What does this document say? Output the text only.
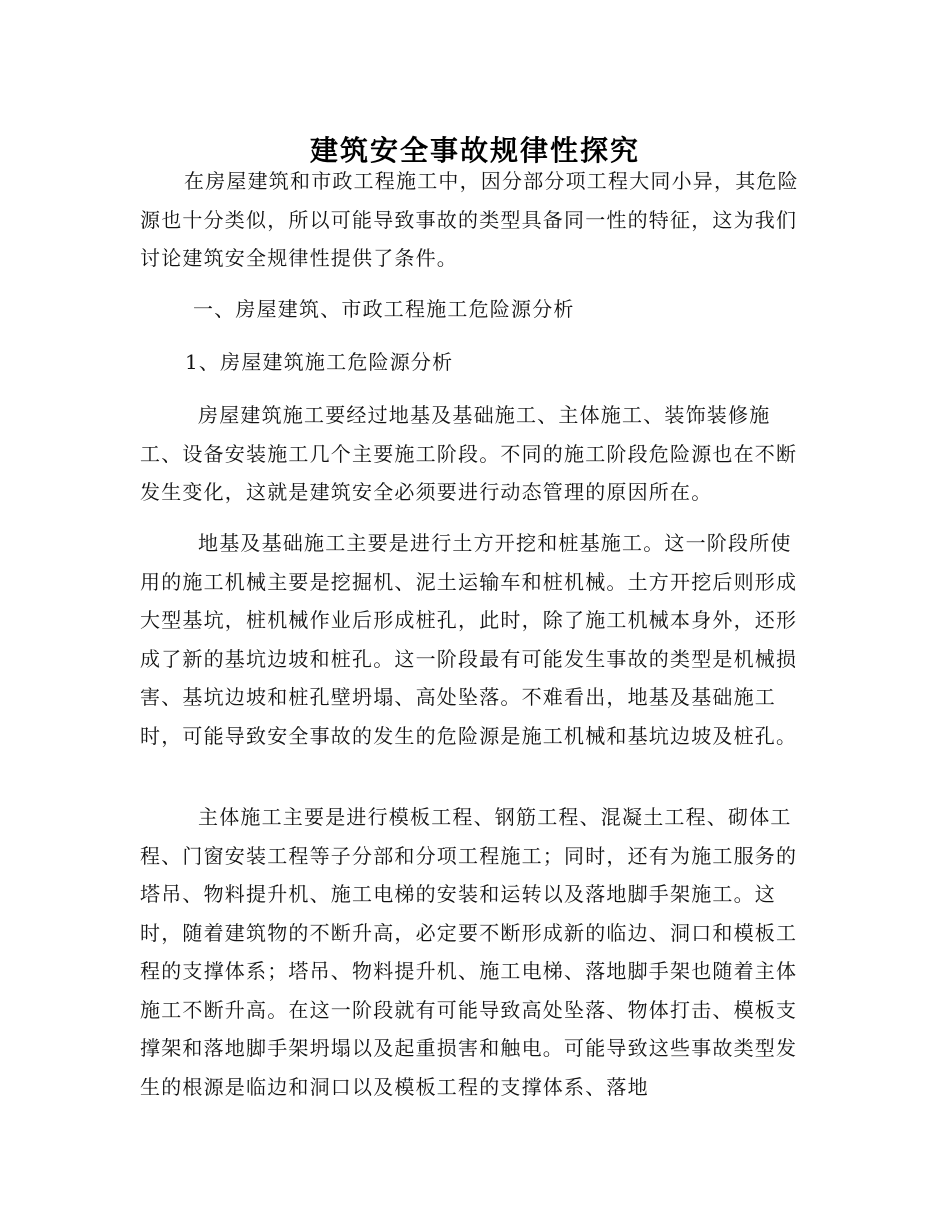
建筑安全事故规律性探究

在房屋建筑和市政工程施工中，因分部分项工程大同小异，其危险源也十分类似，所以可能导致事故的类型具备同一性的特征，这为我们讨论建筑安全规律性提供了条件。

一、房屋建筑、市政工程施工危险源分析

1、房屋建筑施工危险源分析

房屋建筑施工要经过地基及基础施工、主体施工、装饰装修施工、设备安装施工几个主要施工阶段。不同的施工阶段危险源也在不断发生变化，这就是建筑安全必须要进行动态管理的原因所在。

地基及基础施工主要是进行土方开挖和桩基施工。这一阶段所使用的施工机械主要是挖掘机、泥土运输车和桩机械。土方开挖后则形成大型基坑，桩机械作业后形成桩孔，此时，除了施工机械本身外，还形成了新的基坑边坡和桩孔。这一阶段最有可能发生事故的类型是机械损害、基坑边坡和桩孔壁坍塌、高处坠落。不难看出，地基及基础施工时，可能导致安全事故的发生的危险源是施工机械和基坑边坡及桩孔。

主体施工主要是进行模板工程、钢筋工程、混凝土工程、砌体工程、门窗安装工程等子分部和分项工程施工；同时，还有为施工服务的塔吊、物料提升机、施工电梯的安装和运转以及落地脚手架施工。这时，随着建筑物的不断升高，必定要不断形成新的临边、洞口和模板工程的支撑体系；塔吊、物料提升机、施工电梯、落地脚手架也随着主体施工不断升高。在这一阶段就有可能导致高处坠落、物体打击、模板支撑架和落地脚手架坍塌以及起重损害和触电。可能导致这些事故类型发生的根源是临边和洞口以及模板工程的支撑体系、落地
